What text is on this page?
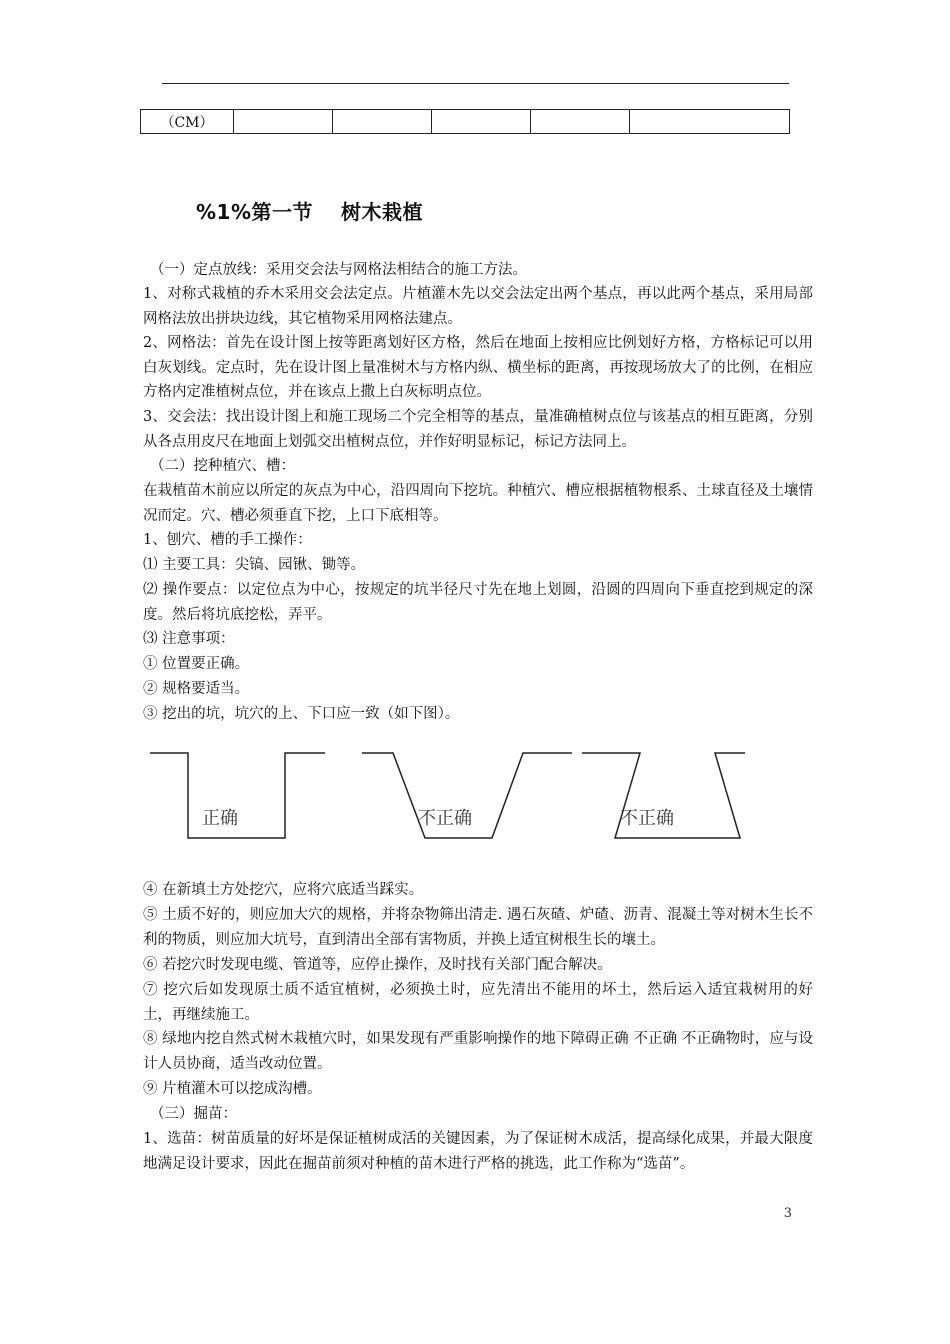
（CM）					
%1%第一节　 树木栽植
（一）定点放线：采用交会法与网格法相结合的施工方法。
1、对称式栽植的乔木采用交会法定点。片植灌木先以交会法定出两个基点，再以此两个基点，采用局部网格法放出拼块边线，其它植物采用网格法建点。
2、网格法：首先在设计图上按等距离划好区方格，然后在地面上按相应比例划好方格，方格标记可以用白灰划线。定点时，先在设计图上量准树木与方格内纵、横坐标的距离，再按现场放大了的比例，在相应方格内定准植树点位，并在该点上撒上白灰标明点位。
3、交会法：找出设计图上和施工现场二个完全相等的基点，量准确植树点位与该基点的相互距离，分别从各点用皮尺在地面上划弧交出植树点位，并作好明显标记，标记方法同上。
（二）挖种植穴、槽：
在栽植苗木前应以所定的灰点为中心，沿四周向下挖坑。种植穴、槽应根据植物根系、土球直径及土壤情况而定。穴、槽必须垂直下挖，上口下底相等。
1、刨穴、槽的手工操作：
⑴ 主要工具：尖镐、园锹、锄等。
⑵ 操作要点：以定位点为中心，按规定的坑半径尺寸先在地上划圆，沿圆的四周向下垂直挖到规定的深度。然后将坑底挖松，弄平。
⑶ 注意事项：
① 位置要正确。
② 规格要适当。
③ 挖出的坑，坑穴的上、下口应一致（如下图）。
正确	不正确	不正确
④ 在新填土方处挖穴，应将穴底适当踩实。
⑤ 土质不好的，则应加大穴的规格，并将杂物筛出清走. 遇石灰碴、炉碴、沥青、混凝土等对树木生长不利的物质，则应加大坑号，直到清出全部有害物质，并换上适宜树根生长的壤土。
⑥ 若挖穴时发现电缆、管道等，应停止操作，及时找有关部门配合解决。
⑦ 挖穴后如发现原土质不适宜植树，必须换土时，应先清出不能用的坏土，然后运入适宜栽树用的好土，再继续施工。
⑧ 绿地内挖自然式树木栽植穴时，如果发现有严重影响操作的地下障碍正确 不正确 不正确物时，应与设计人员协商，适当改动位置。
⑨ 片植灌木可以挖成沟槽。
（三）掘苗：
1、选苗：树苗质量的好坏是保证植树成活的关键因素，为了保证树木成活，提高绿化成果，并最大限度地满足设计要求，因此在掘苗前须对种植的苗木进行严格的挑选，此工作称为“选苗”。
3
